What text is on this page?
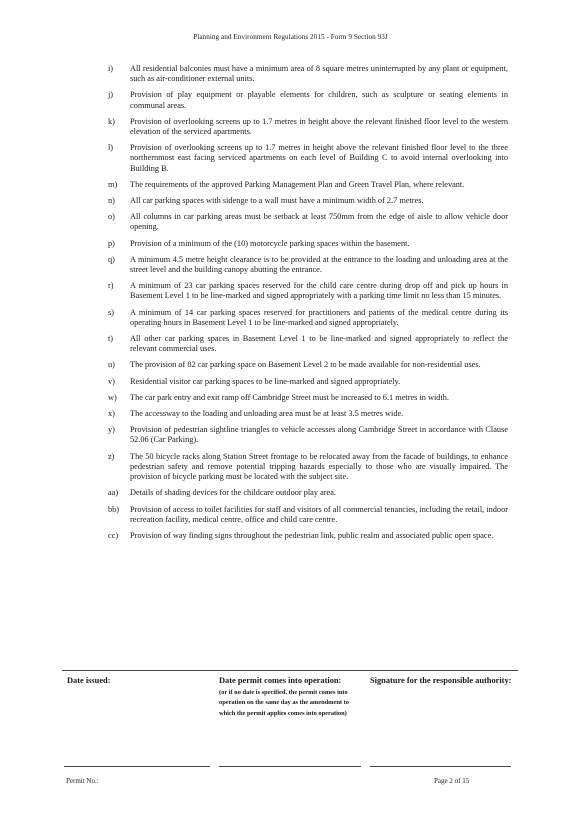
Planning and Environment Regulations 2015 - Form 9 Section 93J
i)	All residential balconies must have a minimum area of 8 square metres uninterrupted by any plant or equipment, such as air-conditioner external units.
j)	Provision of play equipment or playable elements for children, such as sculpture or seating elements in communal areas.
k)	Provision of overlooking screens up to 1.7 metres in height above the relevant finished floor level to the western elevation of the serviced apartments.
l)	Provision of overlooking screens up to 1.7 metres in height above the relevant finished floor level to the three northernmost east facing serviced apartments on each level of Building C to avoid internal overlooking into Building B.
m)	The requirements of the approved Parking Management Plan and Green Travel Plan, where relevant.
n)	All car parking spaces with sidenge to a wall must have a minimum width of 2.7 metres.
o)	All columns in car parking areas must be setback at least 750mm from the edge of aisle to allow vehicle door opening.
p)	Provision of a minimum of the (10) motorcycle parking spaces within the basement.
q)	A minimum 4.5 metre height clearance is to be provided at the entrance to the loading and unloading area at the street level and the building canopy abutting the entrance.
r)	A minimum of 23 car parking spaces reserved for the child care centre during drop off and pick up hours in Basement Level 1 to be line-marked and signed appropriately with a parking time limit no less than 15 minutes.
s)	A minimum of 14 car parking spaces reserved for practitioners and patients of the medical centre during its operating hours in Basement Level 1 to be line-marked and signed appropriately.
t)	All other car parking spaces in Basement Level 1 to be line-marked and signed appropriately to reflect the relevant commercial uses.
u)	The provision of 82 car parking space on Basement Level 2 to be made available for non-residential uses.
v)	Residential visitor car parking spaces to be line-marked and signed appropriately.
w)	The car park entry and exit ramp off Cambridge Street must be increased to 6.1 metres in width.
x)	The accessway to the loading and unloading area must be at least 3.5 metres wide.
y)	Provision of pedestrian sightline triangles to vehicle accesses along Cambridge Street in accordance with Clause 52.06 (Car Parking).
z)	The 50 bicycle racks along Station Street frontage to be relocated away from the facade of buildings, to enhance pedestrian safety and remove potential tripping hazards especially to those who are visually impaired. The provision of bicycle parking must be located with the subject site.
aa)	Details of shading devices for the childcare outdoor play area.
bb)	Provision of access to toilet facilities for staff and visitors of all commercial tenancies, including the retail, indoor recreation facility, medical centre, office and child care centre.
cc)	Provision of way finding signs throughout the pedestrian link, public realm and associated public open space.
Date issued:	Date permit comes into operation:
(or if no date is specified, the permit comes into operation on the same day as the amendment to which the permit applies comes into operation)
Signature for the responsible authority:
Permit No.:	Page 2 of 15
